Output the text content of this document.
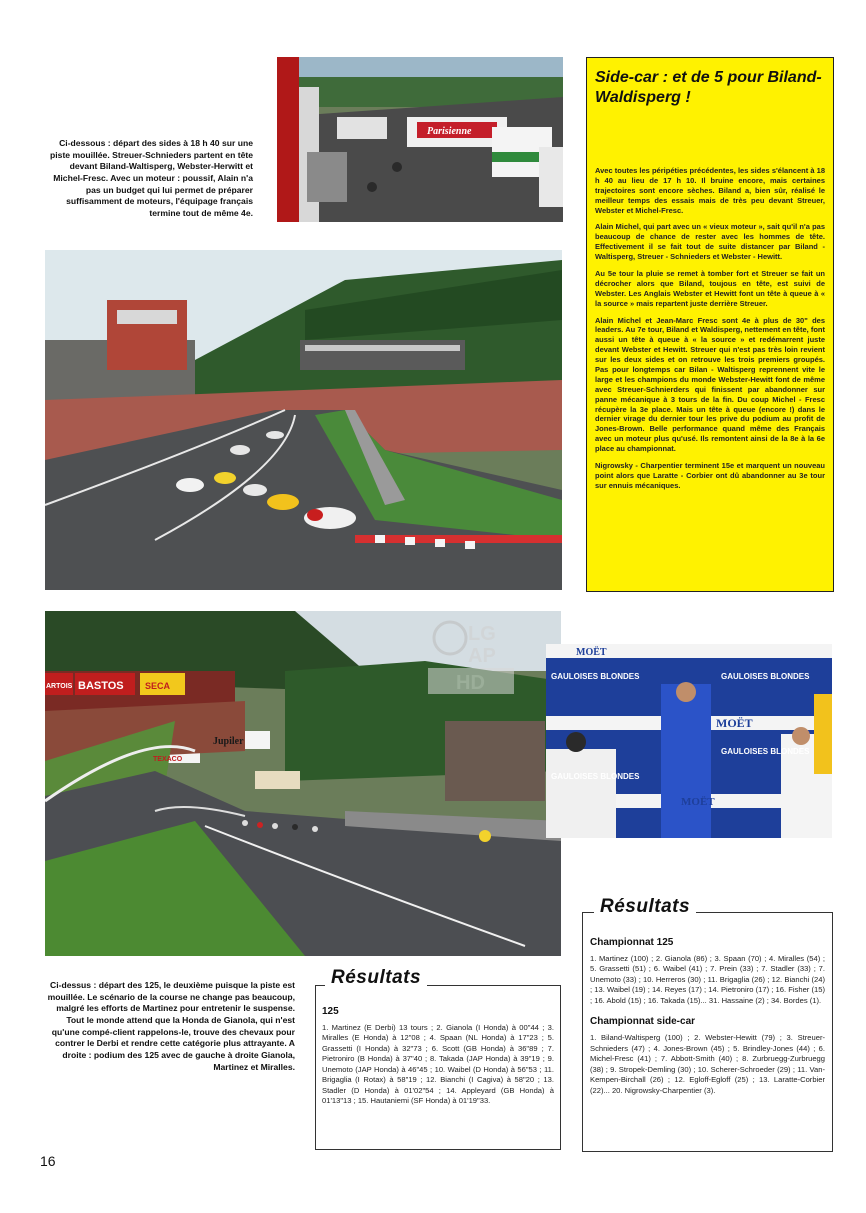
Ci-dessous : départ des sides à 18 h 40 sur une piste mouillée. Streuer-Schnieders partent en tête devant Biland-Waltisperg, Webster-Herwitt et Michel-Fresc. Avec un moteur : poussif, Alain n'a pas un budget qui lui permet de préparer suffisamment de moteurs, l'équipage français termine tout de même 4e.
Parisienne
Side-car : et de 5 pour Biland-Waldisperg !

Avec toutes les péripéties précédentes, les sides s'élancent à 18 h 40 au lieu de 17 h 10. Il bruine encore, mais certaines trajectoires sont encore sèches. Biland a, bien sûr, réalisé le meilleur temps des essais mais de très peu devant Streuer, Webster et Michel-Fresc.

Alain Michel, qui part avec un « vieux moteur », sait qu'il n'a pas beaucoup de chance de rester avec les hommes de tête. Effectivement il se fait tout de suite distancer par Biland - Waltisperg, Streuer - Schnieders et Webster - Hewitt.

Au 5e tour la pluie se remet à tomber fort et Streuer se fait un décrocher alors que Biland, toujous en tête, est suivi de Webster. Les Anglais Webster et Hewitt font un tête à queue à « la source » mais repartent juste derrière Streuer.

Alain Michel et Jean-Marc Fresc sont 4e à plus de 30" des leaders. Au 7e tour, Biland et Waldisperg, nettement en tête, font aussi un tête à queue à « la source » et redémarrent juste devant Webster et Hewitt. Streuer qui n'est pas très loin revient sur les deux sides et on retrouve les trois premiers groupés. Pas pour longtemps car Bilan - Waltisperg reprennent vite le large et les champions du monde Webster-Hewitt font de même avec Streuer-Schnierders qui finissent par abandonner sur panne mécanique à 3 tours de la fin. Du coup Michel - Fresc récupère la 3e place. Mais un tête à queue (encore !) dans le dernier virage du dernier tour les prive du podium au profit de Jones-Brown. Belle performance quand même des Français avec un moteur plus qu'usé. Ils remontent ainsi de la 8e à la 6e place au championnat.

Nigrowsky - Charpentier terminent 15e et marquent un nouveau point alors que Laratte - Corbier ont dû abandonner au 3e tour sur ennuis mécaniques.

BASTOS SECA
ARTOIS
Jupiler
TEXACO
MOËT
MOËT
MOËT
GAULOISES BLONDES	GAULOISES BLONDES
GAULOISES BLONDES
GAULOISES BLONDES
LG
AP
HD
Ci-dessus : départ des 125, le deuxième puisque la piste est mouillée. Le scénario de la course ne change pas beaucoup, malgré les efforts de Martinez pour entretenir le suspense. Tout le monde attend que la Honda de Gianola, qui n'est qu'une compé-client rappelons-le, trouve des chevaux pour contrer le Derbi et rendre cette catégorie plus attrayante. A droite : podium des 125 avec de gauche à droite Gianola, Martinez et Miralles.
125

1. Martinez (E Derbi) 13 tours ; 2. Gianola (I Honda) à 00"44 ; 3. Miralles (E Honda) à 12"08 ; 4. Spaan (NL Honda) à 17"23 ; 5. Grassetti (I Honda) à 32"73 ; 6. Scott (GB Honda) à 36"89 ; 7. Pietroniro (B Honda) à 37"40 ; 8. Takada (JAP Honda) à 39"19 ; 9. Unemoto (JAP Honda) à 46"45 ; 10. Waibel (D Honda) à 56"53 ; 11. Brigaglia (I Rotax) à 58"19 ; 12. Bianchi (I Cagiva) à 58"20 ; 13. Stadler (D Honda) à 01'02"54 ; 14. Appleyard (GB Honda) à 01'13"13 ; 15. Hautaniemi (SF Honda) à 01'19"33.

Résultats
Championnat 125

1. Martinez (100) ; 2. Gianola (86) ; 3. Spaan (70) ; 4. Miralles (54) ; 5. Grassetti (51) ; 6. Waibel (41) ; 7. Prein (33) ; 7. Stadler (33) ; 7. Unemoto (33) ; 10. Herreros (30) ; 11. Brigaglia (26) ; 12. Bianchi (24) ; 13. Waibel (19) ; 14. Reyes (17) ; 14. Pietroniro (17) ; 16. Fisher (15) ; 16. Abold (15) ; 16. Takada (15)... 31. Hassaine (2) ; 34. Bordes (1).

Championnat side-car

1. Biland-Waltisperg (100) ; 2. Webster-Hewitt (79) ; 3. Streuer-Schnieders (47) ; 4. Jones-Brown (45) ; 5. Brindley-Jones (44) ; 6. Michel-Fresc (41) ; 7. Abbott-Smith (40) ; 8. Zurbruegg-Zurbruegg (38) ; 9. Stropek-Demling (30) ; 10. Scherer-Schroeder (29) ; 11. Van-Kempen-Birchall (26) ; 12. Egloff-Egloff (25) ; 13. Laratte-Corbier (22)... 20. Nigrowsky-Charpentier (3).

Résultats
16
